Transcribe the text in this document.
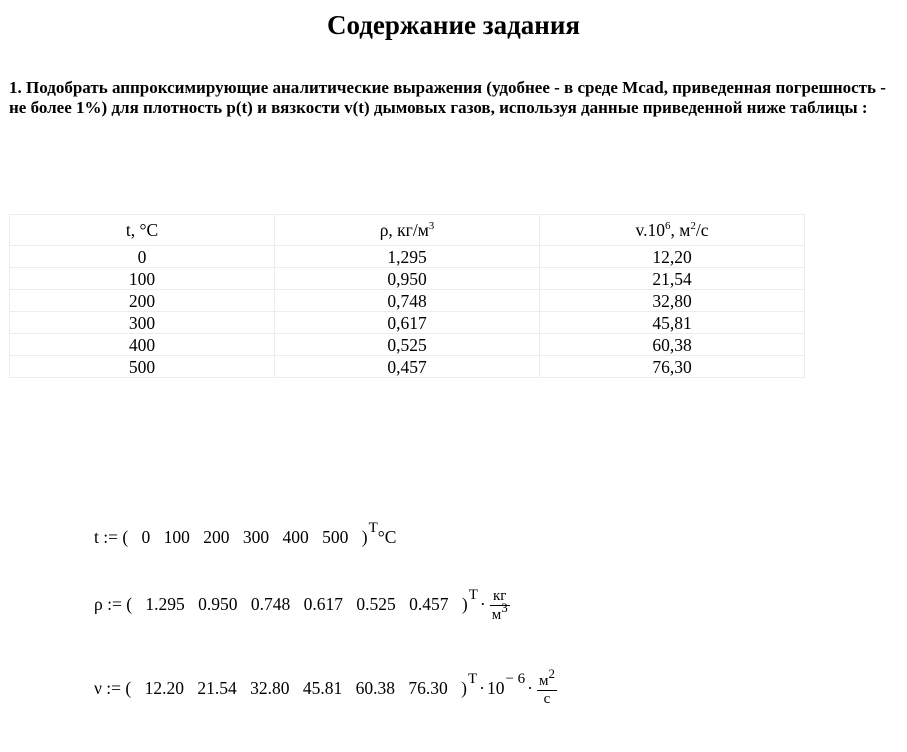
Содержание задания
1. Подобрать аппроксимирующие аналитические выражения (удобнее - в среде Mcad, приведенная погрешность - не более 1%) для плотность р(t) и вязкости v(t) дымовых газов, используя данные приведенной ниже таблицы :
t, °C	ρ, $кг/м^3$	$v.10^6$, $м^2/с$
0	1,295	12,20
100	0,950	21,54
200	0,748	32,80
300	0,617	45,81
400	0,525	60,38
500	0,457	76,30
t := ( 0 100 200 300 400 500 )T°C
ρ := ( 1.295 0.950 0.748 0.617 0.525 0.457 )$T \cdot \frac{кг}{м3}$
ν := ( 12.20 21.54 32.80 45.81 60.38 76.30 )$T \cdot 10- 6 \cdot \frac{м2}{с}$
